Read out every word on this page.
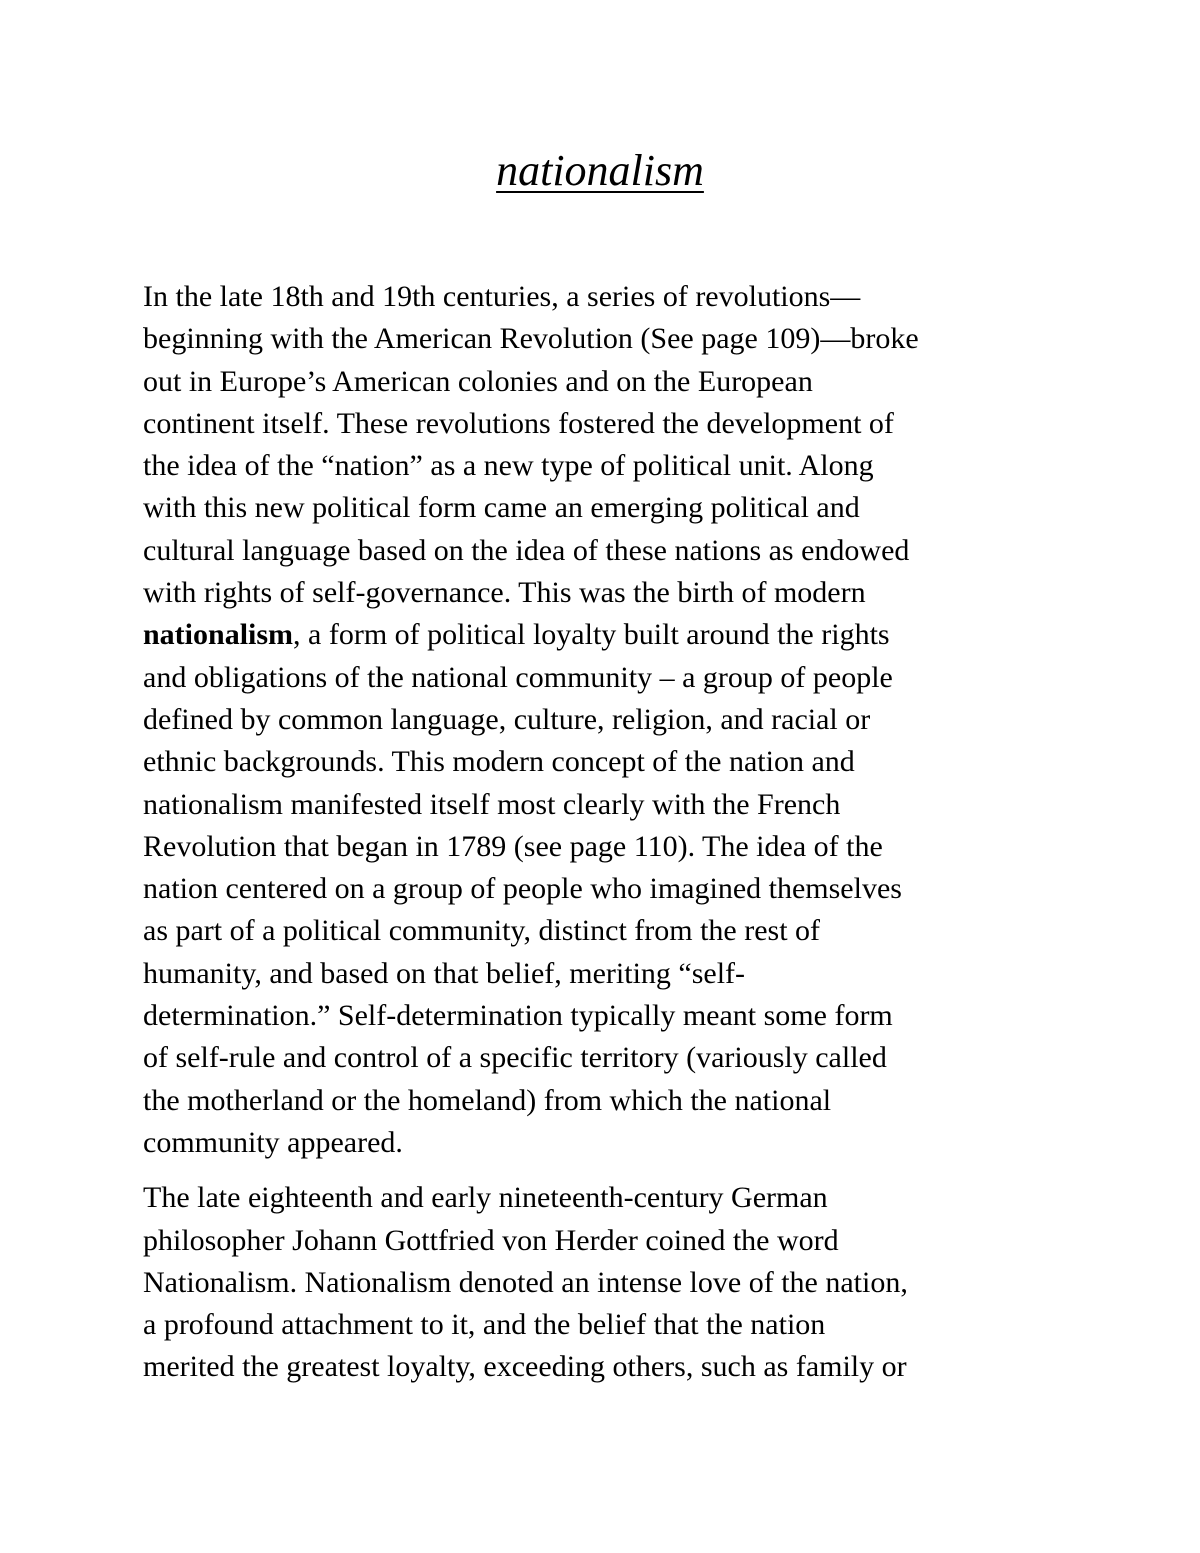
nationalism
In the late 18th and 19th centuries, a series of revolutions—
beginning with the American Revolution (See page 109)—broke
out in Europe’s American colonies and on the European
continent itself. These revolutions fostered the development of
the idea of the “nation” as a new type of political unit. Along
with this new political form came an emerging political and
cultural language based on the idea of these nations as endowed
with rights of self-governance. This was the birth of modern
nationalism, a form of political loyalty built around the rights
and obligations of the national community – a group of people
defined by common language, culture, religion, and racial or
ethnic backgrounds. This modern concept of the nation and
nationalism manifested itself most clearly with the French
Revolution that began in 1789 (see page 110). The idea of the
nation centered on a group of people who imagined themselves
as part of a political community, distinct from the rest of
humanity, and based on that belief, meriting “self-
determination.” Self-determination typically meant some form
of self-rule and control of a specific territory (variously called
the motherland or the homeland) from which the national
community appeared.
The late eighteenth and early nineteenth-century German
philosopher Johann Gottfried von Herder coined the word
Nationalism. Nationalism denoted an intense love of the nation,
a profound attachment to it, and the belief that the nation
merited the greatest loyalty, exceeding others, such as family or
